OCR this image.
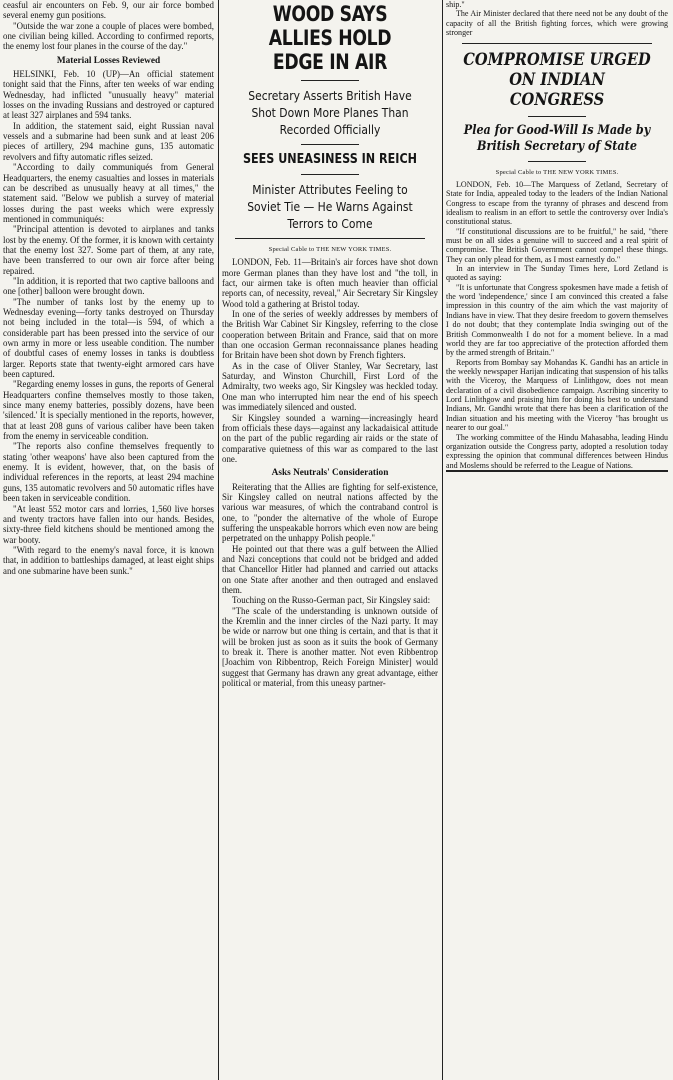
ceasful air encounters on Feb. 9, our air force bombed several enemy gun positions.

"Outside the war zone a couple of places were bombed, one civilian being killed. According to confirmed reports, the enemy lost four planes in the course of the day."

Material Losses Reviewed

HELSINKI, Feb. 10 (UP)—An official statement tonight said that the Finns, after ten weeks of war ending Wednesday, had inflicted "unusually heavy" material losses on the invading Russians and destroyed or captured at least 327 airplanes and 594 tanks.

In addition, the statement said, eight Russian naval vessels and a submarine had been sunk and at least 206 pieces of artillery, 294 machine guns, 135 automatic revolvers and fifty automatic rifles seized.

"According to daily communiqués from General Headquarters, the enemy casualties and losses in materials can be described as unusually heavy at all times," the statement said. "Below we publish a survey of material losses during the past weeks which were expressly mentioned in communiqués:

"Principal attention is devoted to airplanes and tanks lost by the enemy. Of the former, it is known with certainty that the enemy lost 327. Some part of them, at any rate, have been transferred to our own air force after being repaired.

"In addition, it is reported that two captive balloons and one [other] balloon were brought down.

"The number of tanks lost by the enemy up to Wednesday evening—forty tanks destroyed on Thursday not being included in the total—is 594, of which a considerable part has been pressed into the service of our own army in more or less useable condition. The number of doubtful cases of enemy losses in tanks is doubtless larger. Reports state that twenty-eight armored cars have been captured.

"Regarding enemy losses in guns, the reports of General Headquarters confine themselves mostly to those taken, since many enemy batteries, possibly dozens, have been 'silenced.' It is specially mentioned in the reports, however, that at least 208 guns of various caliber have been taken from the enemy in serviceable condition.

"The reports also confine themselves frequently to stating 'other weapons' have also been captured from the enemy. It is evident, however, that, on the basis of individual references in the reports, at least 294 machine guns, 135 automatic revolvers and 50 automatic rifles have been taken in serviceable condition.

"At least 552 motor cars and lorries, 1,560 live horses and twenty tractors have fallen into our hands. Besides, sixty-three field kitchens should be mentioned among the war booty.

"With regard to the enemy's naval force, it is known that, in addition to battleships damaged, at least eight ships and one submarine have been sunk."

WOOD SAYS ALLIES HOLD EDGE IN AIR
Secretary Asserts British Have Shot Down More Planes Than Recorded Officially
SEES UNEASINESS IN REICH
Minister Attributes Feeling to Soviet Tie — He Warns Against Terrors to Come

Special Cable to THE NEW YORK TIMES.

LONDON, Feb. 11—Britain's air forces have shot down more German planes than they have lost and "the toll, in fact, our airmen take is often much heavier than official reports can, of necessity, reveal," Air Secretary Sir Kingsley Wood told a gathering at Bristol today.

In one of the series of weekly addresses by members of the British War Cabinet Sir Kingsley, referring to the close cooperation between Britain and France, said that on more than one occasion German reconnaissance planes heading for Britain have been shot down by French fighters.

As in the case of Oliver Stanley, War Secretary, last Saturday, and Winston Churchill, First Lord of the Admiralty, two weeks ago, Sir Kingsley was heckled today. One man who interrupted him near the end of his speech was immediately silenced and ousted.

Sir Kingsley sounded a warning—increasingly heard from officials these days—against any lackadaisical attitude on the part of the public regarding air raids or the state of comparative quietness of this war as compared to the last one.

Asks Neutrals' Consideration

Reiterating that the Allies are fighting for self-existence, Sir Kingsley called on neutral nations affected by the various war measures, of which the contraband control is one, to "ponder the alternative of the whole of Europe suffering the unspeakable horrors which even now are being perpetrated on the unhappy Polish people."

He pointed out that there was a gulf between the Allied and Nazi conceptions that could not be bridged and added that Chancellor Hitler had planned and carried out attacks on one State after another and then outraged and enslaved them.

Touching on the Russo-German pact, Sir Kingsley said:

"The scale of the understanding is unknown outside of the Kremlin and the inner circles of the Nazi party. It may be wide or narrow but one thing is certain, and that is that it will be broken just as soon as it suits the book of Germany to break it. There is another matter. Not even Ribbentrop [Joachim von Ribbentrop, Reich Foreign Minister] would suggest that Germany has drawn any great advantage, either political or material, from this uneasy partner-

ship."

The Air Minister declared that there need not be any doubt of the capacity of all the British fighting forces, which were growing stronger

COMPROMISE URGED ON INDIAN CONGRESS
Plea for Good-Will Is Made by British Secretary of State

Special Cable to THE NEW YORK TIMES.

LONDON, Feb. 10—The Marquess of Zetland, Secretary of State for India, appealed today to the leaders of the Indian National Congress to escape from the tyranny of phrases and descend from idealism to realism in an effort to settle the controversy over India's constitutional status.

"If constitutional discussions are to be fruitful," he said, "there must be on all sides a genuine will to succeed and a real spirit of compromise. The British Government cannot compel these things. They can only plead for them, as I most earnestly do."

In an interview in The Sunday Times here, Lord Zetland is quoted as saying:

"It is unfortunate that Congress spokesmen have made a fetish of the word 'independence,' since I am convinced this created a false impression in this country of the aim which the vast majority of Indians have in view. That they desire freedom to govern themselves I do not doubt; that they contemplate India swinging out of the British Commonwealth I do not for a moment believe. In a mad world they are far too appreciative of the protection afforded them by the armed strength of Britain."

Reports from Bombay say Mohandas K. Gandhi has an article in the weekly newspaper Harijan indicating that suspension of his talks with the Viceroy, the Marquess of Linlithgow, does not mean declaration of a civil disobedience campaign. Ascribing sincerity to Lord Linlithgow and praising him for doing his best to understand Indians, Mr. Gandhi wrote that there has been a clarification of the Indian situation and his meeting with the Viceroy "has brought us nearer to our goal."

The working committee of the Hindu Mahasabha, leading Hindu organization outside the Congress party, adopted a resolution today expressing the opinion that communal differences between Hindus and Moslems should be referred to the League of Nations.
